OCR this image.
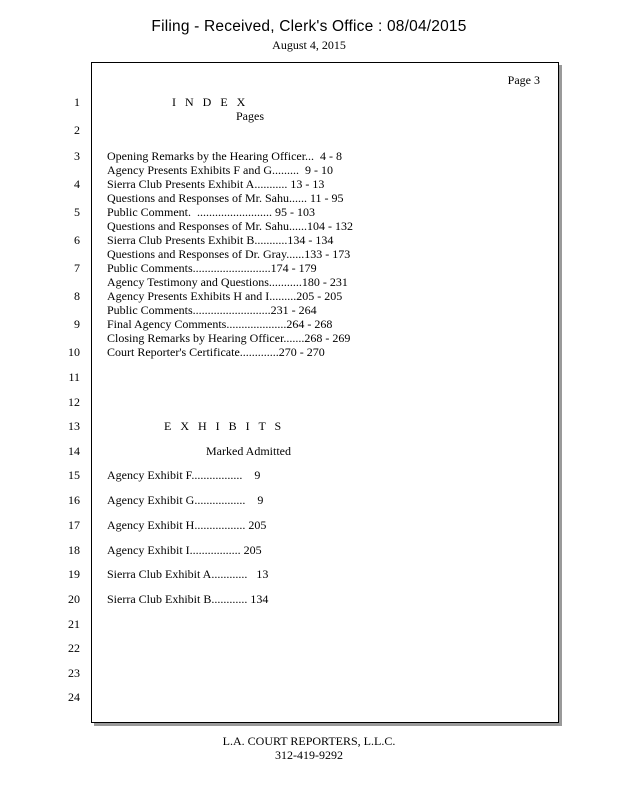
Filing - Received, Clerk's Office : 08/04/2015
August 4, 2015
Page 3
1
2
3
4
5
6
7
8
9
10
11
12
13
14
15
16
17
18
19
20
21
22
23
24
I N D E X
Pages
Opening Remarks by the Hearing Officer...  4 - 8
Agency Presents Exhibits F and G.........  9 - 10
Sierra Club Presents Exhibit A........... 13 - 13
Questions and Responses of Mr. Sahu...... 11 - 95
Public Comment.  ......................... 95 - 103
Questions and Responses of Mr. Sahu......104 - 132
Sierra Club Presents Exhibit B...........134 - 134
Questions and Responses of Dr. Gray......133 - 173
Public Comments..........................174 - 179
Agency Testimony and Questions...........180 - 231
Agency Presents Exhibits H and I.........205 - 205
Public Comments..........................231 - 264
Final Agency Comments....................264 - 268
Closing Remarks by Hearing Officer.......268 - 269
Court Reporter's Certificate.............270 - 270
E X H I B I T S
Marked Admitted
Agency Exhibit F.................    9
Agency Exhibit G.................    9
Agency Exhibit H................. 205
Agency Exhibit I................. 205
Sierra Club Exhibit A............   13
Sierra Club Exhibit B............ 134
L.A. COURT REPORTERS, L.L.C.
312-419-9292
